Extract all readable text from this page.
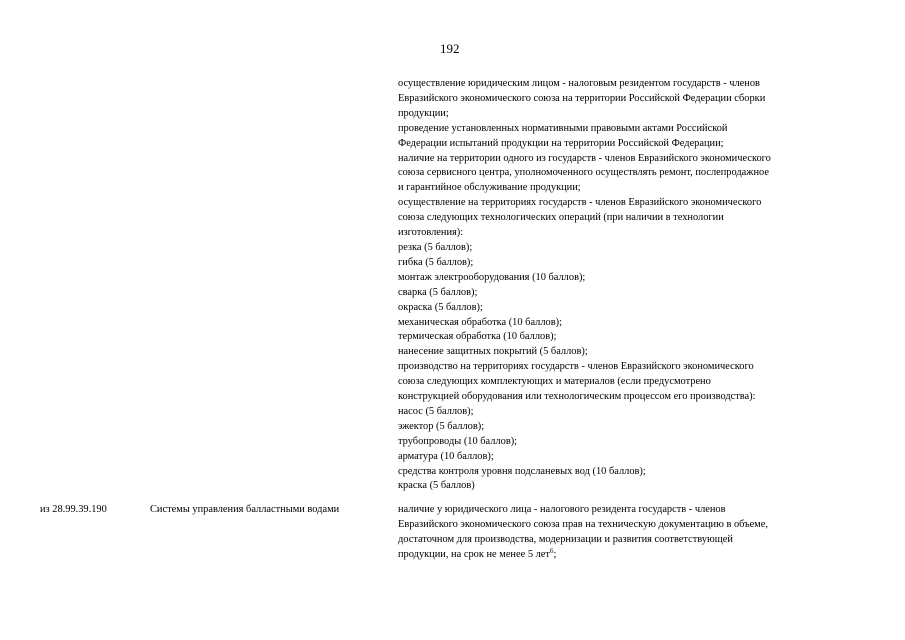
192
осуществление юридическим лицом - налоговым резидентом государств - членов
Евразийского экономического союза на территории Российской Федерации сборки
продукции;
проведение установленных нормативными правовыми актами Российской
Федерации испытаний продукции на территории Российской Федерации;
наличие на территории одного из государств - членов Евразийского экономического
союза сервисного центра, уполномоченного осуществлять ремонт, послепродажное
и гарантийное обслуживание продукции;
осуществление на территориях государств - членов Евразийского экономического
союза следующих технологических операций (при наличии в технологии
изготовления):
резка (5 баллов);
гибка (5 баллов);
монтаж электрооборудования (10 баллов);
сварка (5 баллов);
окраска (5 баллов);
механическая обработка (10 баллов);
термическая обработка (10 баллов);
нанесение защитных покрытий (5 баллов);
производство на территориях государств - членов Евразийского экономического
союза следующих комплектующих и материалов (если предусмотрено
конструкцией оборудования или технологическим процессом его производства):
насос (5 баллов);
эжектор (5 баллов);
трубопроводы (10 баллов);
арматура (10 баллов);
средства контроля уровня подсланевых вод (10 баллов);
краска (5 баллов)
из 28.99.39.190	Системы управления балластными водами	наличие у юридического лица - налогового резидента государств - членов
Евразийского экономического союза прав на техническую документацию в объеме,
достаточном для производства, модернизации и развития соответствующей
продукции, на срок не менее 5 лет$^6$;
